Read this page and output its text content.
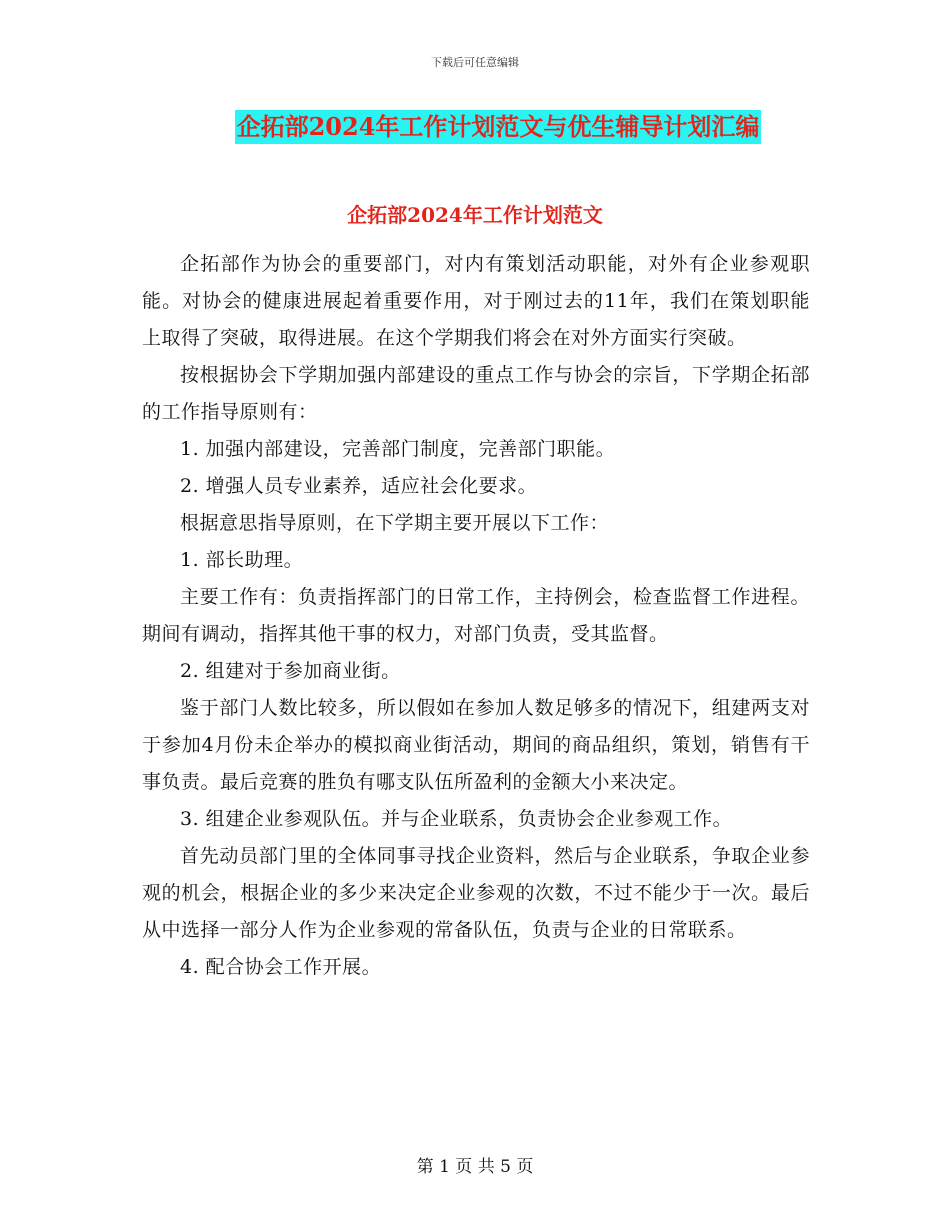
下载后可任意编辑
企拓部2024年工作计划范文与优生辅导计划汇编
企拓部2024年工作计划范文

企拓部作为协会的重要部门，对内有策划活动职能，对外有企业参观职能。对协会的健康进展起着重要作用，对于刚过去的11年，我们在策划职能上取得了突破，取得进展。在这个学期我们将会在对外方面实行突破。

按根据协会下学期加强内部建设的重点工作与协会的宗旨，下学期企拓部的工作指导原则有：

1. 加强内部建设，完善部门制度，完善部门职能。

2. 增强人员专业素养，适应社会化要求。

根据意思指导原则，在下学期主要开展以下工作：

1. 部长助理。

主要工作有：负责指挥部门的日常工作，主持例会，检查监督工作进程。期间有调动，指挥其他干事的权力，对部门负责，受其监督。

2. 组建对于参加商业街。

鉴于部门人数比较多，所以假如在参加人数足够多的情况下，组建两支对于参加4月份未企举办的模拟商业街活动，期间的商品组织，策划，销售有干事负责。最后竞赛的胜负有哪支队伍所盈利的金额大小来决定。

3. 组建企业参观队伍。并与企业联系，负责协会企业参观工作。

首先动员部门里的全体同事寻找企业资料，然后与企业联系，争取企业参观的机会，根据企业的多少来决定企业参观的次数，不过不能少于一次。最后从中选择一部分人作为企业参观的常备队伍，负责与企业的日常联系。

4. 配合协会工作开展。

第 1 页 共 5 页
